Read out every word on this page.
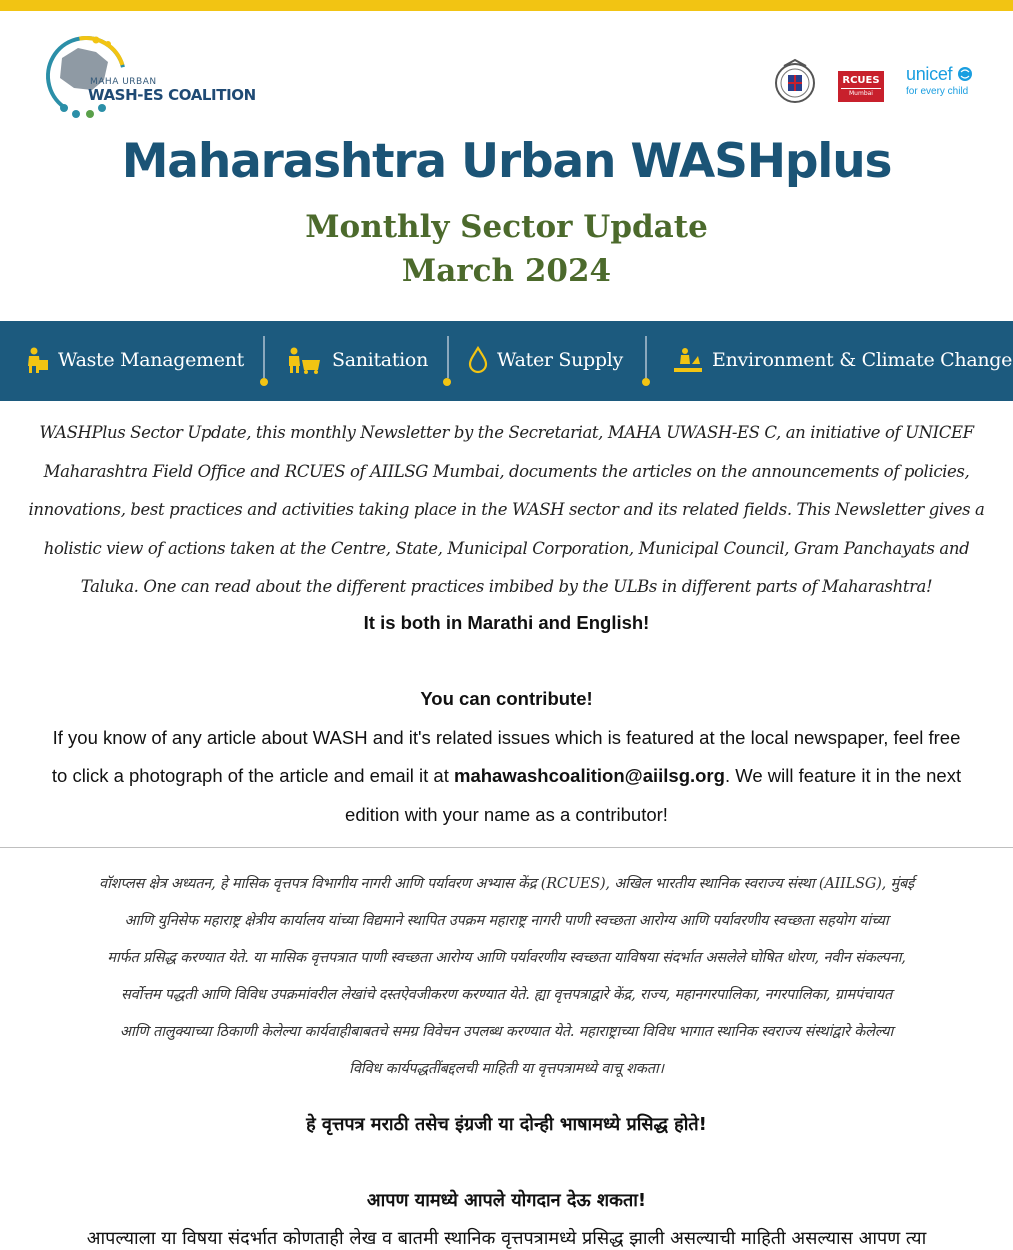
MAHA URBAN
WASH-ES COALITION
RCUES
Mumbai
unicef
for every child
Maharashtra Urban WASHplus
Monthly Sector Update
March 2024
Waste Management	Sanitation	Water Supply	Environment & Climate Change
WASHPlus Sector Update, this monthly Newsletter by the Secretariat, MAHA UWASH-ES C, an initiative of UNICEF
Maharashtra Field Office and RCUES of AIILSG Mumbai, documents the articles on the announcements of policies,
innovations, best practices and activities taking place in the WASH sector and its related fields. This Newsletter gives a
holistic view of actions taken at the Centre, State, Municipal Corporation, Municipal Council, Gram Panchayats and
Taluka. One can read about the different practices imbibed by the ULBs in different parts of Maharashtra!
It is both in Marathi and English!
You can contribute!
If you know of any article about WASH and it's related issues which is featured at the local newspaper, feel free
to click a photograph of the article and email it at mahawashcoalition@aiilsg.org. We will feature it in the next
edition with your name as a contributor!
वॉशप्लस क्षेत्र अध्यतन, हे मासिक वृत्तपत्र विभागीय नागरी आणि पर्यावरण अभ्यास केंद्र (RCUES), अखिल भारतीय स्थानिक स्वराज्य संस्था (AIILSG), मुंबई
आणि युनिसेफ महाराष्ट्र क्षेत्रीय कार्यालय यांच्या विद्यमाने स्थापित उपक्रम महाराष्ट्र नागरी पाणी स्वच्छता आरोग्य आणि पर्यावरणीय स्वच्छता सहयोग यांच्या
मार्फत प्रसिद्ध करण्यात येते. या मासिक वृत्तपत्रात पाणी स्वच्छता आरोग्य आणि पर्यावरणीय स्वच्छता याविषया संदर्भात असलेले घोषित धोरण, नवीन संकल्पना,
सर्वोत्तम पद्धती आणि विविध उपक्रमांवरील लेखांचे दस्तऐवजीकरण करण्यात येते. ह्या वृत्तपत्राद्वारे केंद्र, राज्य, महानगरपालिका, नगरपालिका, ग्रामपंचायत
आणि तालुक्याच्या ठिकाणी केलेल्या कार्यवाहीबाबतचे समग्र विवेचन उपलब्ध करण्यात येते. महाराष्ट्राच्या विविध भागात स्थानिक स्वराज्य संस्थांद्वारे केलेल्या
विविध कार्यपद्धतींबद्दलची माहिती या वृत्तपत्रामध्ये वाचू शकता।
हे वृत्तपत्र मराठी तसेच इंग्रजी या दोन्ही भाषामध्ये प्रसिद्ध होते!
आपण यामध्ये आपले योगदान देऊ शकता!
आपल्याला या विषया संदर्भात कोणताही लेख व बातमी स्थानिक वृत्तपत्रामध्ये प्रसिद्ध झाली असल्याची माहिती असल्यास आपण त्या
